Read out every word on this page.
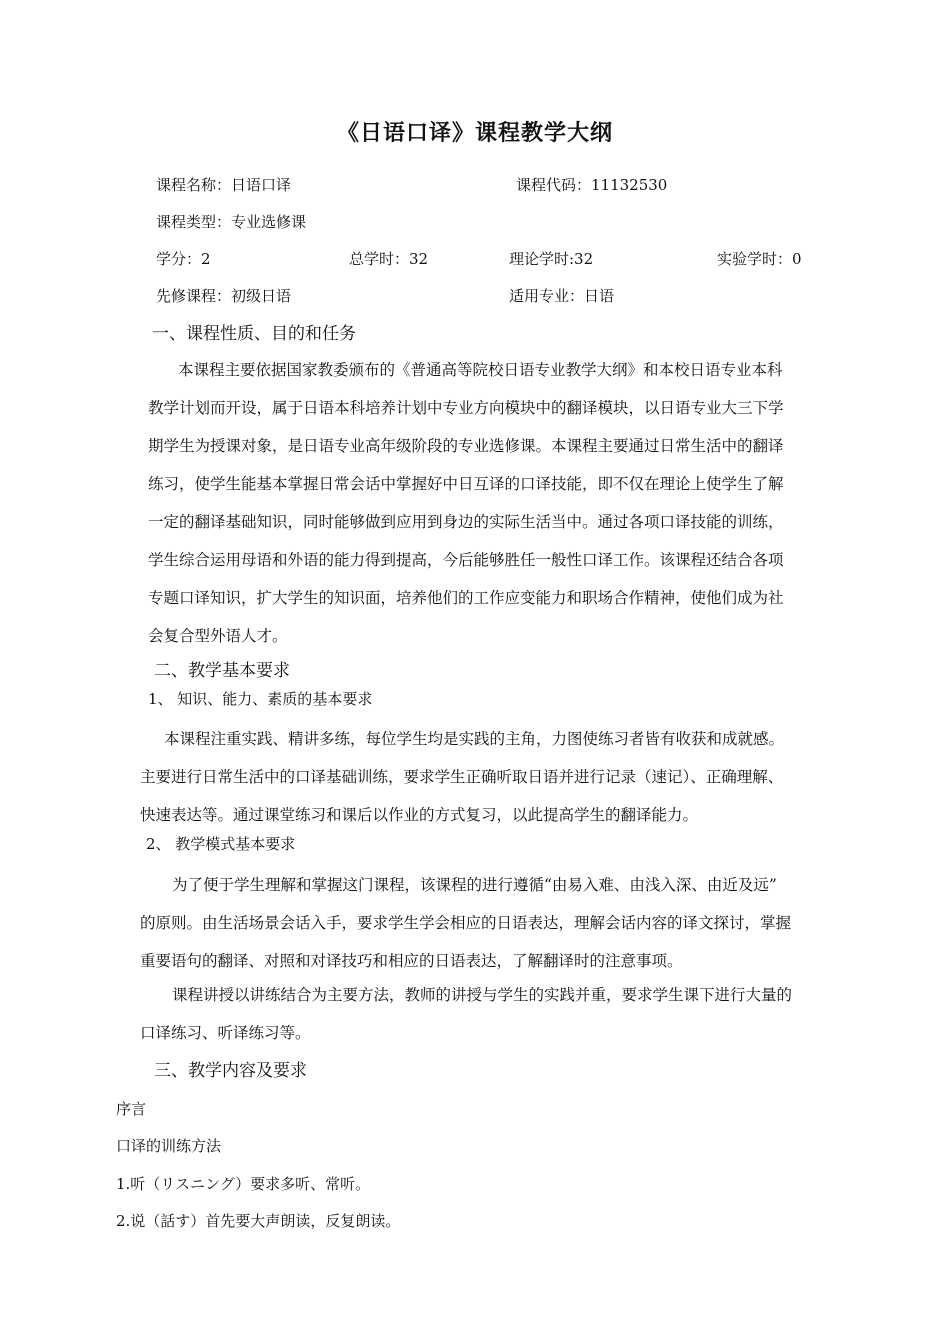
《日语口译》课程教学大纲
课程名称：日语口译	课程代码：11132530
课程类型：专业选修课
学分：2	总学时：32	理论学时:32	实验学时：0
先修课程：初级日语	适用专业：日语
一、课程性质、目的和任务
本课程主要依据国家教委颁布的《普通高等院校日语专业教学大纲》和本校日语专业本科
教学计划而开设，属于日语本科培养计划中专业方向模块中的翻译模块，以日语专业大三下学
期学生为授课对象，是日语专业高年级阶段的专业选修课。本课程主要通过日常生活中的翻译
练习，使学生能基本掌握日常会话中掌握好中日互译的口译技能，即不仅在理论上使学生了解
一定的翻译基础知识，同时能够做到应用到身边的实际生活当中。通过各项口译技能的训练，
学生综合运用母语和外语的能力得到提高，今后能够胜任一般性口译工作。该课程还结合各项
专题口译知识，扩大学生的知识面，培养他们的工作应变能力和职场合作精神，使他们成为社
会复合型外语人才。
二、教学基本要求
1、 知识、能力、素质的基本要求
本课程注重实践、精讲多练，每位学生均是实践的主角，力图使练习者皆有收获和成就感。
主要进行日常生活中的口译基础训练，要求学生正确听取日语并进行记录（速记）、正确理解、
快速表达等。通过课堂练习和课后以作业的方式复习，以此提高学生的翻译能力。
2、 教学模式基本要求
为了便于学生理解和掌握这门课程，该课程的进行遵循“由易入难、由浅入深、由近及远”
的原则。由生活场景会话入手，要求学生学会相应的日语表达，理解会话内容的译文探讨，掌握
重要语句的翻译、对照和对译技巧和相应的日语表达，了解翻译时的注意事项。
课程讲授以讲练结合为主要方法，教师的讲授与学生的实践并重，要求学生课下进行大量的
口译练习、听译练习等。
三、教学内容及要求
序言
口译的训练方法
1.听（リスニング）要求多听、常听。
2.说（話す）首先要大声朗读，反复朗读。
